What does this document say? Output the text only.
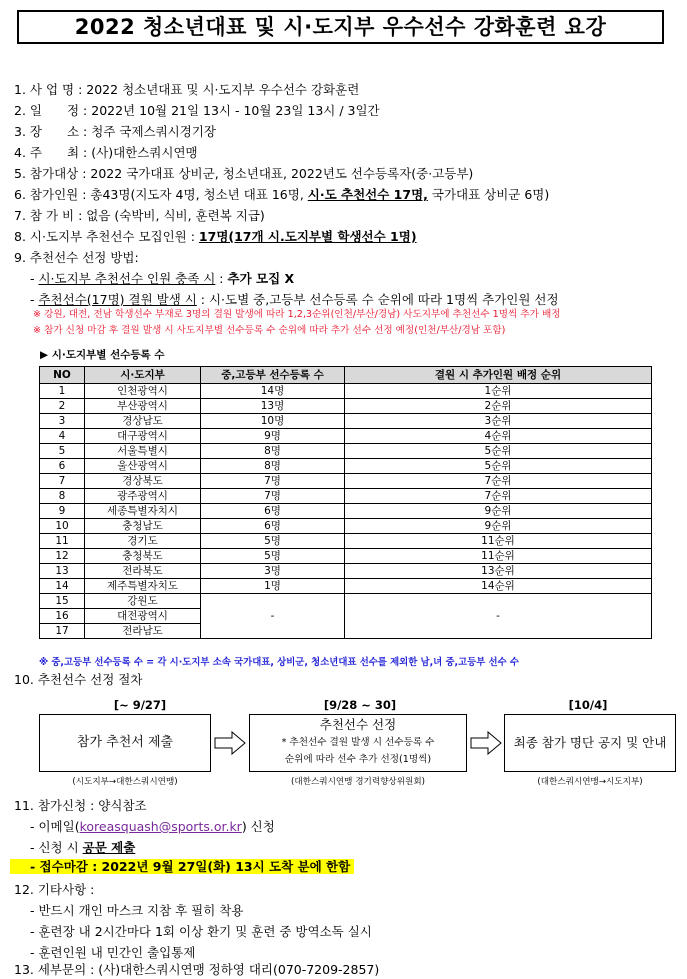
2022 청소년대표 및 시·도지부 우수선수 강화훈련 요강
1. 사 업 명 : 2022 청소년대표 및 시·도지부 우수선수 강화훈련
2. 일　　정 : 2022년 10월 21일 13시 - 10월 23일 13시 / 3일간
3. 장　　소 : 청주 국제스쿼시경기장
4. 주　　최 : (사)대한스쿼시연맹
5. 참가대상 : 2022 국가대표 상비군, 청소년대표, 2022년도 선수등록자(중·고등부)
6. 참가인원 : 총43명(지도자 4명, 청소년 대표 16명, 시·도 추천선수 17명, 국가대표 상비군 6명)
7. 참 가 비 : 없음 (숙박비, 식비, 훈련복 지급)
8. 시·도지부 추천선수 모집인원 : 17명(17개 시.도지부별 학생선수 1명)
9. 추천선수 선정 방법:
- 시·도지부 추천선수 인원 충족 시 : 추가 모집 X
- 추천선수(17명) 결원 발생 시 : 시·도별 중,고등부 선수등록 수 순위에 따라 1명씩 추가인원 선정
※ 강원, 대전, 전남 학생선수 부재로 3명의 결원 발생에 따라 1,2,3순위(인천/부산/경남) 사도지부에 추천선수 1명씩 추가 배정
※ 참가 신청 마감 후 결원 발생 시 사도지부별 선수등록 수 순위에 따라 추가 선수 선정 예정(인천/부산/경남 포함)
▶ 시·도지부별 선수등록 수
NO	시·도지부	중,고등부 선수등록 수	결원 시 추가인원 배정 순위
1	인천광역시	14명	1순위
2	부산광역시	13명	2순위
3	경상남도	10명	3순위
4	대구광역시	9명	4순위
5	서울특별시	8명	5순위
6	울산광역시	8명	5순위
7	경상북도	7명	7순위
8	광주광역시	7명	7순위
9	세종특별자치시	6명	9순위
10	충청남도	6명	9순위
11	경기도	5명	11순위
12	충청북도	5명	11순위
13	전라북도	3명	13순위
14	제주특별자치도	1명	14순위
15	강원도	-	-
16	대전광역시		
17	전라남도		
※ 중,고등부 선수등록 수 = 각 시·도지부 소속 국가대표, 상비군, 청소년대표 선수를 제외한 남,녀 중,고등부 선수 수
10. 추천선수 선정 절차
[~ 9/27]	[9/28 ~ 30]	[10/4]
참가 추천서 제출
추천선수 선정
* 추천선수 결원 발생 시 선수등록 수
순위에 따라 선수 추가 선정(1명씩)
최종 참가 명단 공지 및 안내
(시도지부→대한스쿼시연맹)	(대한스쿼시연맹 경기력향상위원회)	(대한스쿼시연맹→시도지부)
11. 참가신청 : 양식참조
- 이메일(koreasquash@sports.or.kr) 신청
- 신청 시 공문 제출
- 접수마감 : 2022년 9월 27일(화) 13시 도착 분에 한함
12. 기타사항 :
- 반드시 개인 마스크 지참 후 필히 착용
- 훈련장 내 2시간마다 1회 이상 환기 및 훈련 중 방역소독 실시
- 훈련인원 내 민간인 출입통제
13. 세부문의 : (사)대한스쿼시연맹 정하영 대리(070-7209-2857)
